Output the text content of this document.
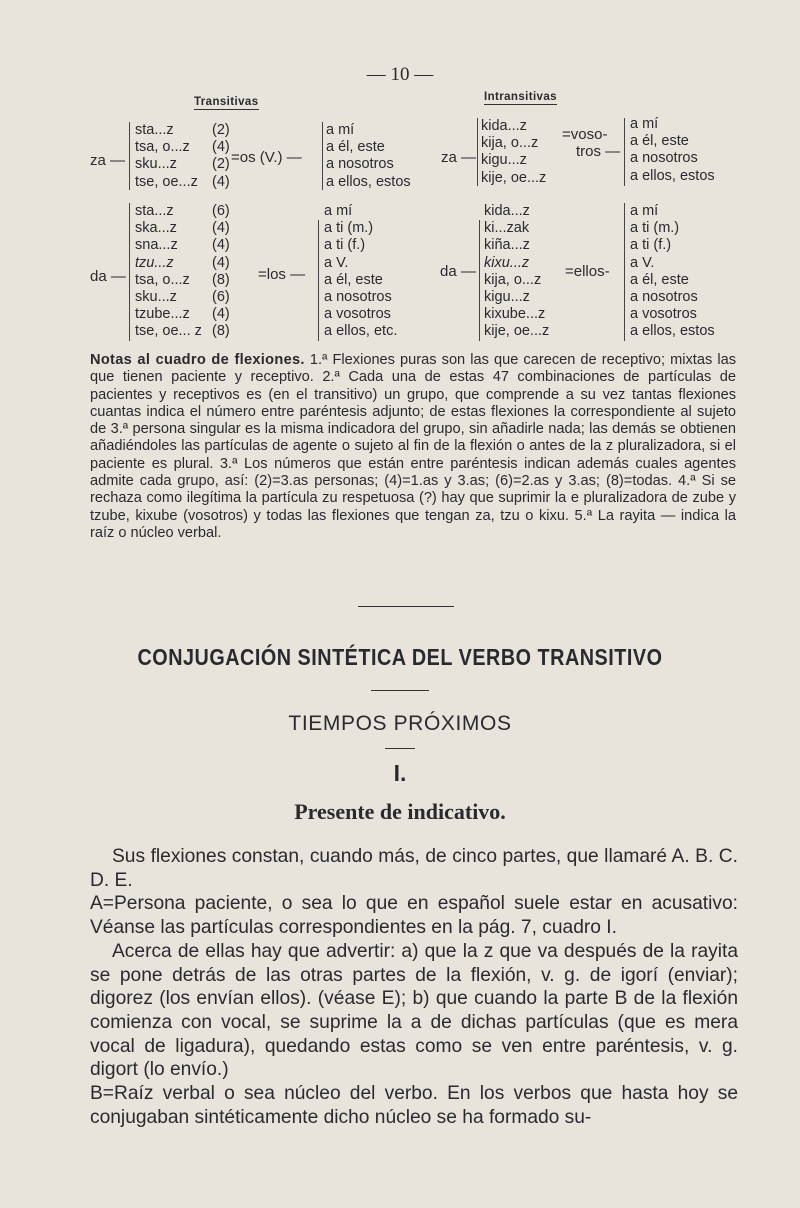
— 10 —
Transitivas	Intransitivas
za —
sta...z
tsa, o...z
sku...z
tse, oe...z
(2)
(4)
(2)
(4)
=os (V.) —
a mí
a él, este
a nosotros
a ellos, estos
da —
sta...z
ska...z
sna...z
tzu...z
tsa, o...z
sku...z
tzube...z
tse, oe... z
(6)
(4)
(4)
(4)
(8)
(6)
(4)
(8)
=los —
a mí
a ti (m.)
a ti (f.)
a V.
a él, este
a nosotros
a vosotros
a ellos, etc.
za —
kida...z
kija, o...z
kigu...z
kije, oe...z
=voso-
tros —
a mí
a él, este
a nosotros
a ellos, estos
da —
kida...z
ki...zak
kiña...z
kixu...z
kija, o...z
kigu...z
kixube...z
kije, oe...z
=ellos-
a mí
a ti (m.)
a ti (f.)
a V.
a él, este
a nosotros
a vosotros
a ellos, estos
Notas al cuadro de flexiones. 1.ª Flexiones puras son las que carecen de receptivo; mixtas las que tienen paciente y receptivo. 2.ª Cada una de estas 47 combinaciones de partículas de pacientes y receptivos es (en el transitivo) un grupo, que comprende a su vez tantas flexiones cuantas indica el número entre paréntesis adjunto; de estas flexiones la correspondiente al sujeto de 3.ª persona singular es la misma indicadora del grupo, sin añadirle nada; las demás se obtienen añadiéndoles las partículas de agente o sujeto al fin de la flexión o antes de la z pluralizadora, si el paciente es plural. 3.ª Los números que están entre paréntesis indican además cuales agentes admite cada grupo, así: (2)=3.as personas; (4)=1.as y 3.as; (6)=2.as y 3.as; (8)=todas. 4.ª Si se rechaza como ilegítima la partícula zu respetuosa (?) hay que suprimir la e pluralizadora de zube y tzube, kixube (vosotros) y todas las flexiones que tengan za, tzu o kixu. 5.ª La rayita — indica la raíz o núcleo verbal.
CONJUGACIÓN SINTÉTICA DEL VERBO TRANSITIVO
TIEMPOS PRÓXIMOS
I.
Presente de indicativo.

Sus flexiones constan, cuando más, de cinco partes, que llamaré A. B. C. D. E.

A=Persona paciente, o sea lo que en español suele estar en acusativo: Véanse las partículas correspondientes en la pág. 7, cuadro I.

Acerca de ellas hay que advertir: a) que la z que va después de la rayita se pone detrás de las otras partes de la flexión, v. g. de igorí (enviar); digorez (los envían ellos). (véase E); b) que cuando la parte B de la flexión comienza con vocal, se suprime la a de dichas partículas (que es mera vocal de ligadura), quedando estas como se ven entre paréntesis, v. g. digort (lo envío.)

B=Raíz verbal o sea núcleo del verbo. En los verbos que hasta hoy se conjugaban sintéticamente dicho núcleo se ha formado su-
